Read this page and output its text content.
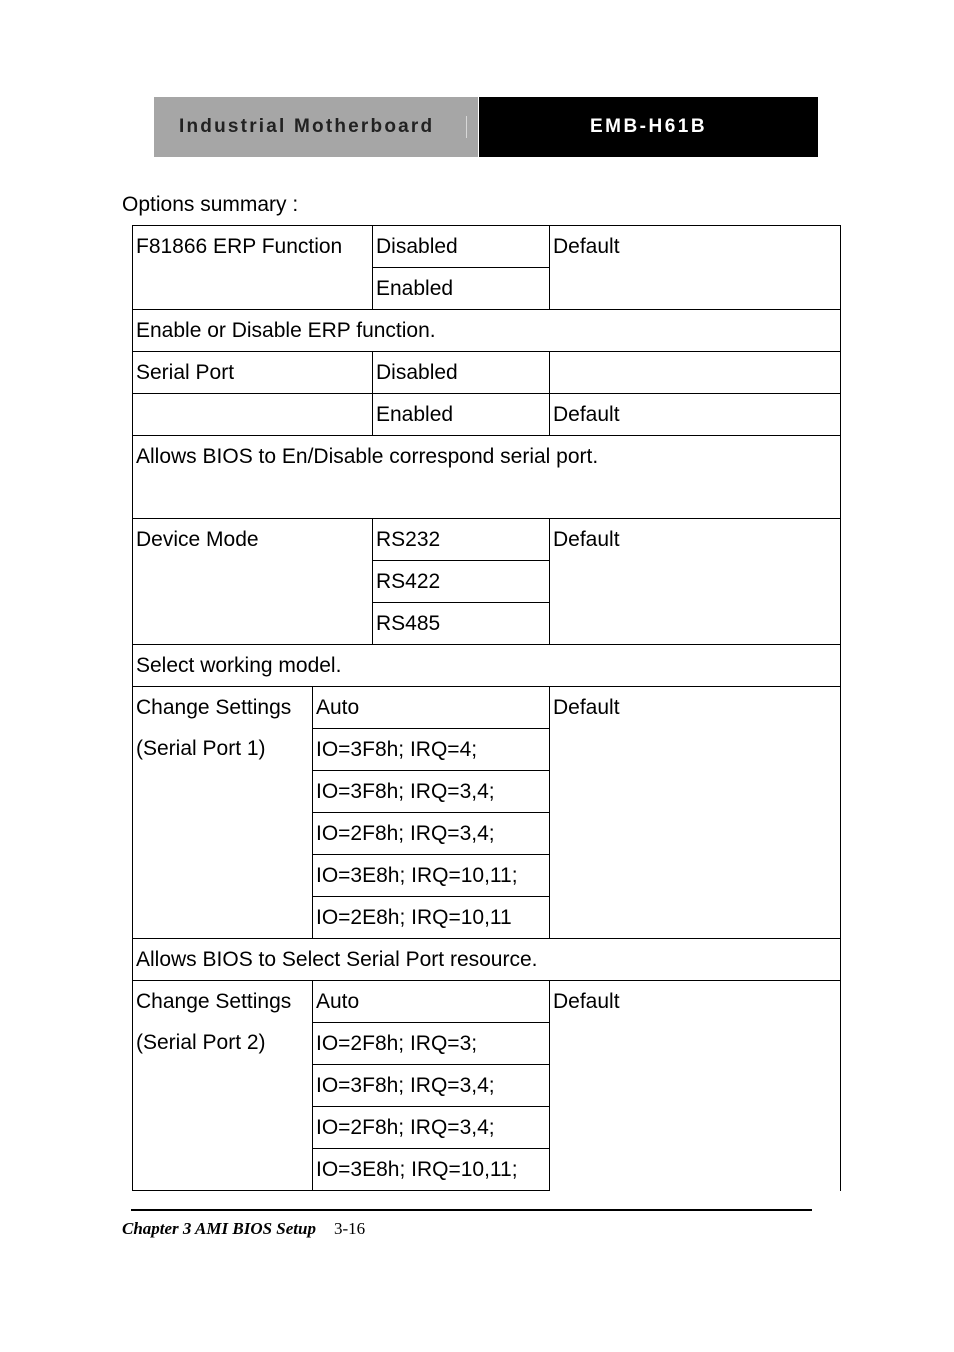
Industrial Motherboard	EMB-H61B
Options summary :
F81866 ERP Function		Disabled	Default
		Enabled	
Enable or Disable ERP function.			
Serial Port		Disabled	
		Enabled	Default
Allows BIOS to En/Disable correspond serial port.			
Device Mode		RS232	Default
		RS422	
		RS485	
Select working model.			

Change Settings
(Serial Port 1)	Auto		Default
	IO=3F8h; IRQ=4;		
	IO=3F8h; IRQ=3,4;		
	IO=2F8h; IRQ=3,4;		
	IO=3E8h; IRQ=10,11;		
	IO=2E8h; IRQ=10,11		
Allows BIOS to Select Serial Port resource.			

Change Settings
(Serial Port 2)	Auto		Default
	IO=2F8h; IRQ=3;		
	IO=3F8h; IRQ=3,4;		
	IO=2F8h; IRQ=3,4;		
	IO=3E8h; IRQ=10,11;		
Chapter 3 AMI BIOS Setup 3-16
